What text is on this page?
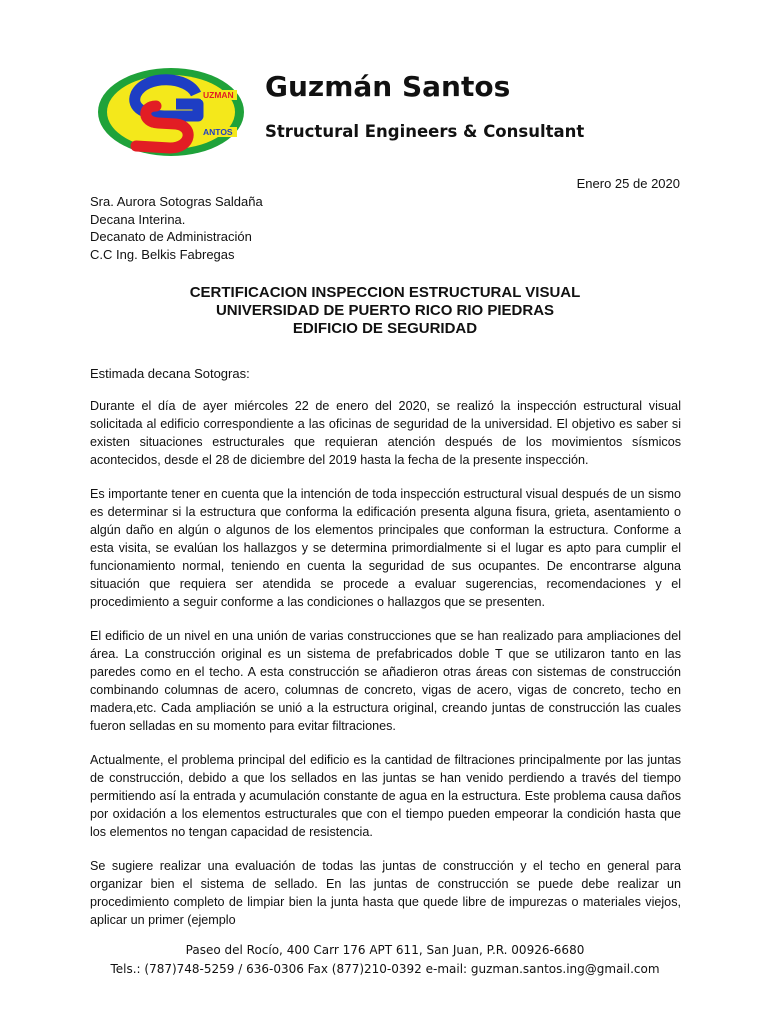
UZMAN
ANTOS
Guzmán Santos
Structural Engineers & Consultant
Enero 25 de 2020
Sra. Aurora Sotogras Saldaña
Decana Interina.
Decanato de Administración
C.C Ing. Belkis Fabregas
CERTIFICACION INSPECCION ESTRUCTURAL VISUAL
UNIVERSIDAD DE PUERTO RICO RIO PIEDRAS
EDIFICIO DE SEGURIDAD
Estimada decana Sotogras:

Durante el día de ayer miércoles 22 de enero del 2020, se realizó la inspección estructural visual solicitada al edificio correspondiente a las oficinas de seguridad de la universidad. El objetivo es saber si existen situaciones estructurales que requieran atención después de los movimientos sísmicos acontecidos, desde el 28 de diciembre del 2019 hasta la fecha de la presente inspección.

Es importante tener en cuenta que la intención de toda inspección estructural visual después de un sismo es determinar si la estructura que conforma la edificación presenta alguna fisura, grieta, asentamiento o algún daño en algún o algunos de los elementos principales que conforman la estructura. Conforme a esta visita, se evalúan los hallazgos y se determina primordialmente si el lugar es apto para cumplir el funcionamiento normal, teniendo en cuenta la seguridad de sus ocupantes. De encontrarse alguna situación que requiera ser atendida se procede a evaluar sugerencias, recomendaciones y el procedimiento a seguir conforme a las condiciones o hallazgos que se presenten.

El edificio de un nivel en una unión de varias construcciones que se han realizado para ampliaciones del área. La construcción original es un sistema de prefabricados doble T que se utilizaron tanto en las paredes como en el techo. A esta construcción se añadieron otras áreas con sistemas de construcción combinando columnas de acero, columnas de concreto, vigas de acero, vigas de concreto, techo en madera,etc. Cada ampliación se unió a la estructura original, creando juntas de construcción las cuales fueron selladas en su momento para evitar filtraciones.

Actualmente, el problema principal del edificio es la cantidad de filtraciones principalmente por las juntas de construcción, debido a que los sellados en las juntas se han venido perdiendo a través del tiempo permitiendo así la entrada y acumulación constante de agua en la estructura. Este problema causa daños por oxidación a los elementos estructurales que con el tiempo pueden empeorar la condición hasta que los elementos no tengan capacidad de resistencia.

Se sugiere realizar una evaluación de todas las juntas de construcción y el techo en general para organizar bien el sistema de sellado. En las juntas de construcción se puede debe realizar un procedimiento completo de limpiar bien la junta hasta que quede libre de impurezas o materiales viejos, aplicar un primer (ejemplo

Paseo del Rocío, 400 Carr 176 APT 611, San Juan, P.R. 00926-6680
Tels.: (787)748-5259 / 636-0306 Fax (877)210-0392 e-mail: guzman.santos.ing@gmail.com
